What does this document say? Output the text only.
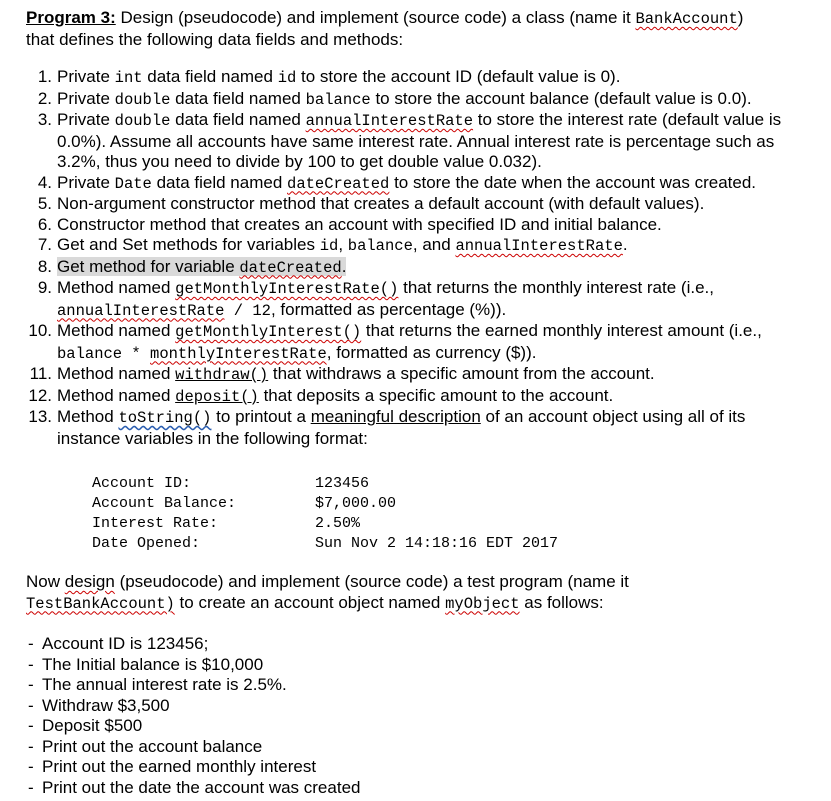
Program 3: Design (pseudocode) and implement (source code) a class (name it BankAccount)
that defines the following data fields and methods:
1. Private int data field named id to store the account ID (default value is 0).
2. Private double data field named balance to store the account balance (default value is 0.0).
3. Private double data field named annualInterestRate to store the interest rate (default value is 0.0%). Assume all accounts have same interest rate. Annual interest rate is percentage such as 3.2%, thus you need to divide by 100 to get double value 0.032).
4. Private Date data field named dateCreated to store the date when the account was created.
5. Non-argument constructor method that creates a default account (with default values).
6. Constructor method that creates an account with specified ID and initial balance.
7. Get and Set methods for variables id, balance, and annualInterestRate.
8. Get method for variable dateCreated.
9. Method named getMonthlyInterestRate() that returns the monthly interest rate (i.e., annualInterestRate / 12, formatted as percentage (%)).
10. Method named getMonthlyInterest() that returns the earned monthly interest amount (i.e., balance * monthlyInterestRate, formatted as currency ($)).
11. Method named withdraw() that withdraws a specific amount from the account.
12. Method named deposit() that deposits a specific amount to the account.
13. Method toString() to printout a meaningful description of an account object using all of its instance variables in the following format:
Account ID:	123456
Account Balance:	$7,000.00
Interest Rate:	2.50%
Date Opened:	Sun Nov 2 14:18:16 EDT 2017
Now design (pseudocode) and implement (source code) a test program (name it
TestBankAccount) to create an account object named myObject as follows:
- Account ID is 123456;
- The Initial balance is $10,000
- The annual interest rate is 2.5%.
- Withdraw $3,500
- Deposit $500
- Print out the account balance
- Print out the earned monthly interest
- Print out the date the account was created
